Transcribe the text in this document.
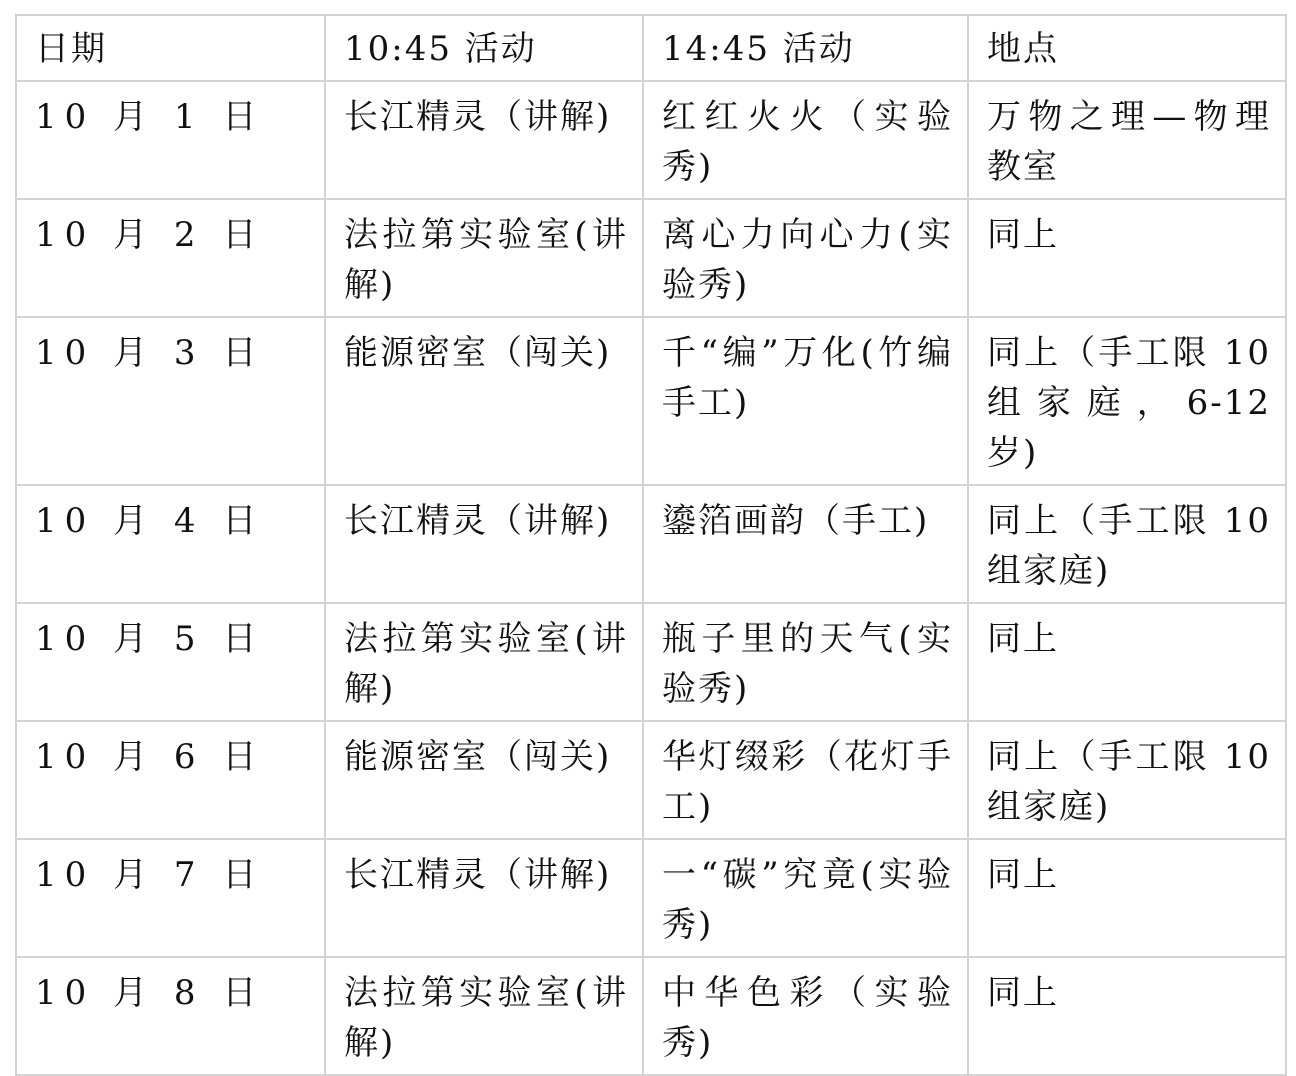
日期	10:45 活动	14:45 活动	地点
10 月 1 日	长江精灵（讲解)	红红火火（实验秀)	万物之理—物理教室
10 月 2 日	法拉第实验室(讲解)	离心力向心力(实验秀)	同上
10 月 3 日	能源密室（闯关)	千“编”万化(竹编手工)	同上（手工限 10 组家庭，6-12 岁)
10 月 4 日	长江精灵（讲解)	鎏箔画韵（手工)	同上（手工限 10 组家庭)
10 月 5 日	法拉第实验室(讲解)	瓶子里的天气(实验秀)	同上
10 月 6 日	能源密室（闯关)	华灯缀彩（花灯手工)	同上（手工限 10 组家庭)
10 月 7 日	长江精灵（讲解)	一“碳”究竟(实验秀)	同上
10 月 8 日	法拉第实验室(讲解)	中华色彩（实验秀)	同上
